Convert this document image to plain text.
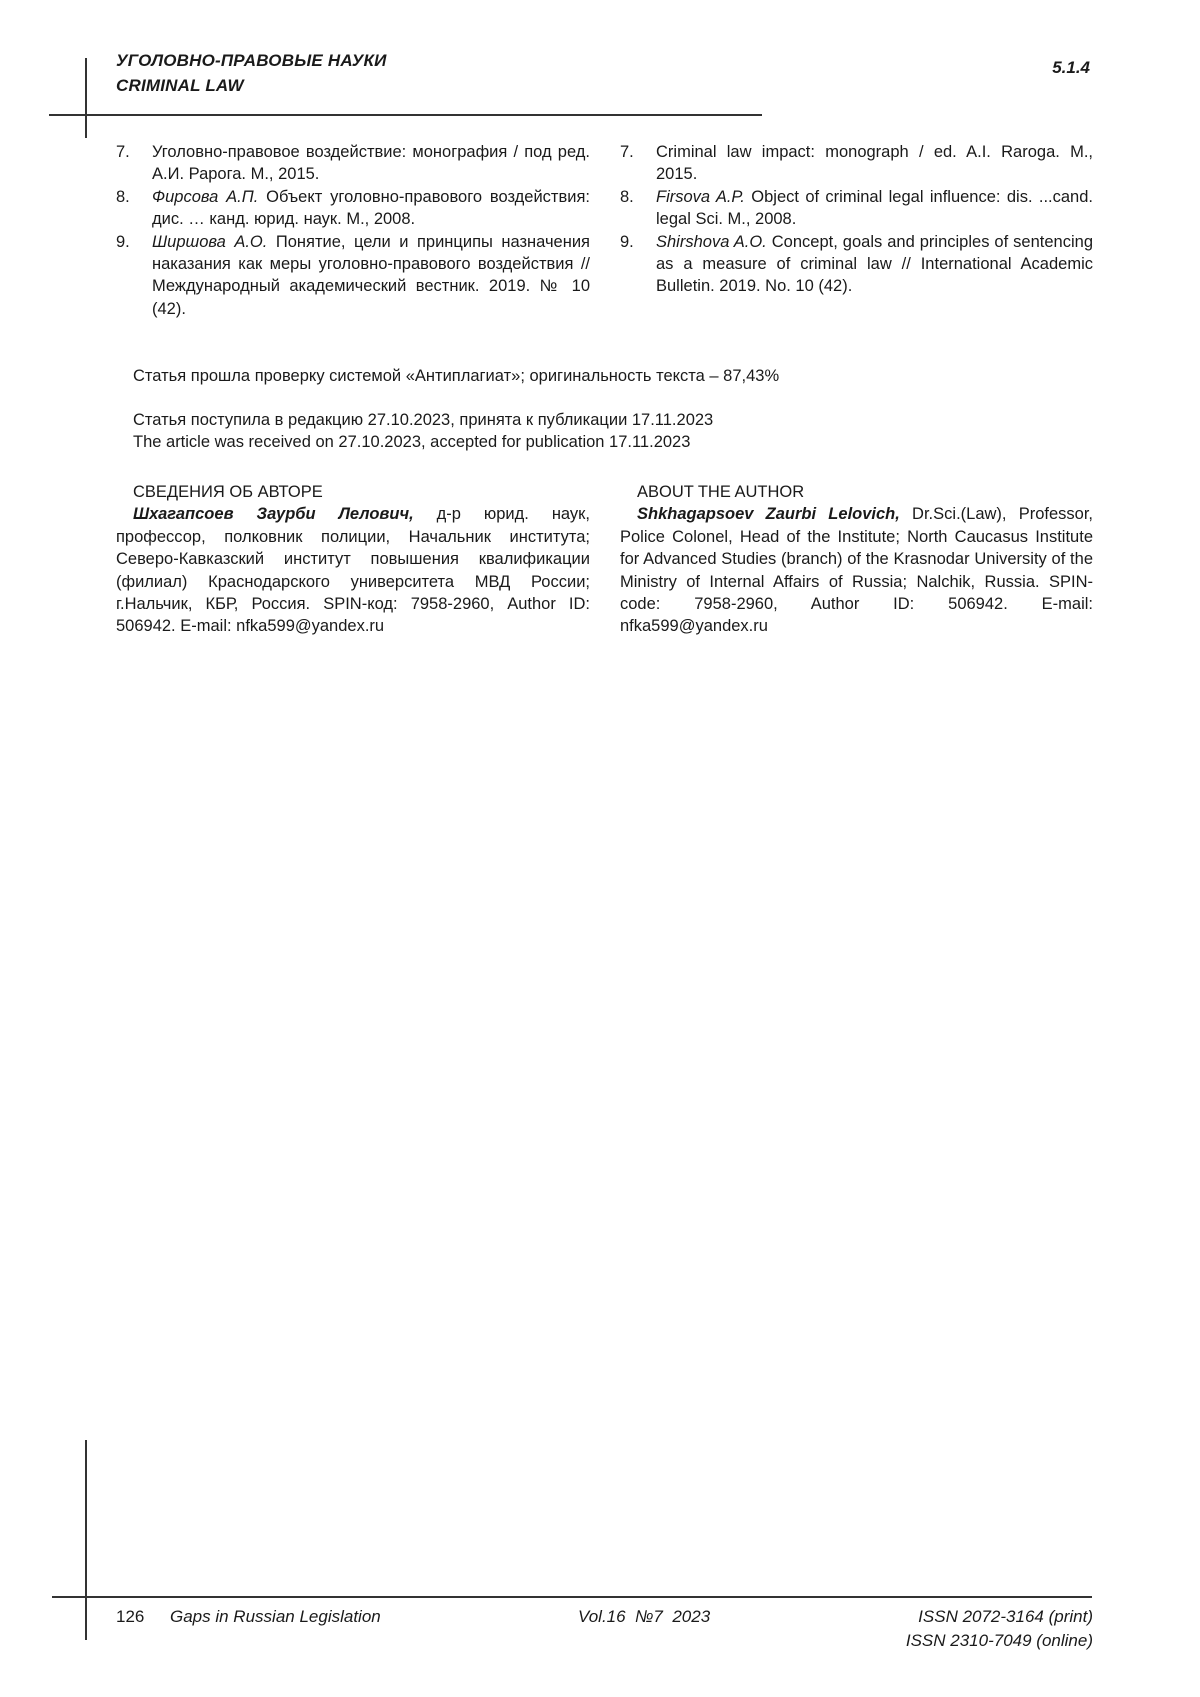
УГОЛОВНО-ПРАВОВЫЕ НАУКИ
CRIMINAL LAW
5.1.4
7. Уголовно-правовое воздействие: монография / под ред. А.И. Рарога. М., 2015.
8. Фирсова А.П. Объект уголовно-правового воздействия: дис. … канд. юрид. наук. М., 2008.
9. Ширшова А.О. Понятие, цели и принципы назначения наказания как меры уголовно-правового воздействия // Международный академический вестник. 2019. № 10 (42).
7. Criminal law impact: monograph / ed. A.I. Raroga. M., 2015.
8. Firsova A.P. Object of criminal legal influence: dis. ...cand. legal Sci. M., 2008.
9. Shirshova A.O. Concept, goals and principles of sentencing as a measure of criminal law // International Academic Bulletin. 2019. No. 10 (42).
Статья прошла проверку системой «Антиплагиат»; оригинальность текста – 87,43%
Статья поступила в редакцию 27.10.2023, принята к публикации 17.11.2023
The article was received on 27.10.2023, accepted for publication 17.11.2023
СВЕДЕНИЯ ОБ АВТОРЕ
Шхагапсоев Заурби Лелович, д-р юрид. наук, профессор, полковник полиции, Начальник института; Северо-Кавказский институт повышения квалификации (филиал) Краснодарского университета МВД России; г.Нальчик, КБР, Россия. SPIN-код: 7958-2960, Author ID: 506942. E-mail: nfka599@yandex.ru
ABOUT THE AUTHOR
Shkhagapsoev Zaurbi Lelovich, Dr.Sci.(Law), Professor, Police Colonel, Head of the Institute; North Caucasus Institute for Advanced Studies (branch) of the Krasnodar University of the Ministry of Internal Affairs of Russia; Nalchik, Russia. SPIN-code: 7958-2960, Author ID: 506942. E-mail: nfka599@yandex.ru
126 Gaps in Russian Legislation	Vol.16  №7  2023	ISSN 2072-3164 (print)
ISSN 2310-7049 (online)
